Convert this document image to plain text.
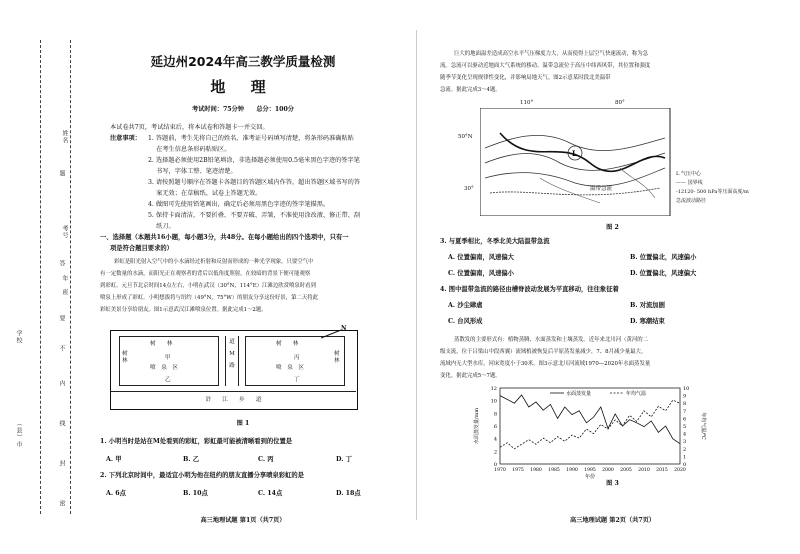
姓名
考号
学校
年　班
（县）市
题
答
要
不
内
线
封
密
延边州2024年高三教学质量检测
地 理
考试时间：75分钟　　总分：100分
本试卷共7页，考试结束后，将本试卷和答题卡一并交回。
注意事项： 1. 答题前，考生先将自己的姓名、准考证号码填写清楚，将条形码准确粘贴
　 在考生信息条形码粘贴区。
2. 选择题必须使用2B铅笔填涂，非选择题必须使用0.5毫米黑色字迹的签字笔
　 书写，字体工整、笔迹清楚。
3. 请按照题号顺序在答题卡各题目的答题区域内作答，超出答题区域书写的答
　 案无效；在草稿纸、试卷上答题无效。
4. 做图可先使用铅笔画出，确定后必须用黑色字迹的签字笔描黑。
5. 保持卡面清洁，不要折叠、不要弄破、弄皱，不准使用涂改液、修正带、刮
　 纸刀。
一、选择题（本题共16小题，每小题3分，共48分。在每小题给出的四个选项中，只有一
项是符合题目要求的）
彩虹是阳光射入空气中的小水滴经过折射和反射而形成的一种光学现象。只要空气中
有一定数量的水滴，而阳光正在观察者的背后以低角度照射，在较暗的背景下便可能观察
到彩虹。元旦节北京时间14点左右，小明在武汉（30°N，114°E）江滩边欣赏喷泉时看到
喷泉上形成了彩虹。小明想拔将与纽约（49°N，75°W）的朋友分享这份好景，第二天将此
彩虹美景分享给朋友。图1示意武汉江滩喷泉位置。据此完成1～2题。
树　　林
树
林	甲
喷　泉　区
乙
道
M
路
树　　林
丙
喷　泉　区
丁
树
林
N
浒　　江　　步　　道
图 1
1. 小明当时是站在M处看到的彩虹，彩虹最可能被清晰看到的位置是
A. 甲	B. 乙	C. 丙	D. 丁
2. 下列北京时间中，最适宜小明为他在纽约的朋友直播分享喷泉彩虹的是
A. 6点	B. 10点	C. 14点	D. 18点
高三地理试题 第1页（共7页）
巨大的地面温差造成高空水平气压梯度力大，从而使得上层空气快速流动，称为急
流。急流可以驱动近地面大气系统的移动。温带急流位于高压中纬西风带，其位置和强度
随季节变化呈现规律性变化，并影响局地天气。图2示意某时段北美温带
急流。据此完成3～4题。
L
50°N
30°
110°	80°
温带急流
L 气压中心
—— 国界线
-12120- 500 hPa等压面高度/m
急流波动路径
图 2
3. 与夏季相比，冬季北美大陆温带急流
A. 位置偏南，风速偏大	B. 位置偏北，风速偏小
C. 位置偏南，风速偏小	D. 位置偏北，风速偏大
4. 图中温带急流的路径由槽脊波动发展为平直移动，往往象征着
A. 沙尘肆虐	B. 对流加剧
C. 台风形成	D. 寒潮结束
蒸散发的主要形式有：植物蒸腾、水面蒸发和土壤蒸发。近年来北川河（黄河的二
级支流，位于吕梁山中段西翼）流域植被恢复后平原蒸发量减少，7、8月减少量最大。
流域内无大型水库，河床宽度小于30米。图3示意北川河流域1970—2020年水面蒸发量
变化。据此完成5～7题。
0
2
4
6
8
10
12
0
1
2
3
4
5
6
7
8
9
10
1970 1975 1980 1985 1990 1995 2000 2005 2010 2015 2020
年份
水面蒸发量/mm	年均气温/℃
水面蒸发量	年均气温
图 3
高三地理试题 第2页（共7页）
